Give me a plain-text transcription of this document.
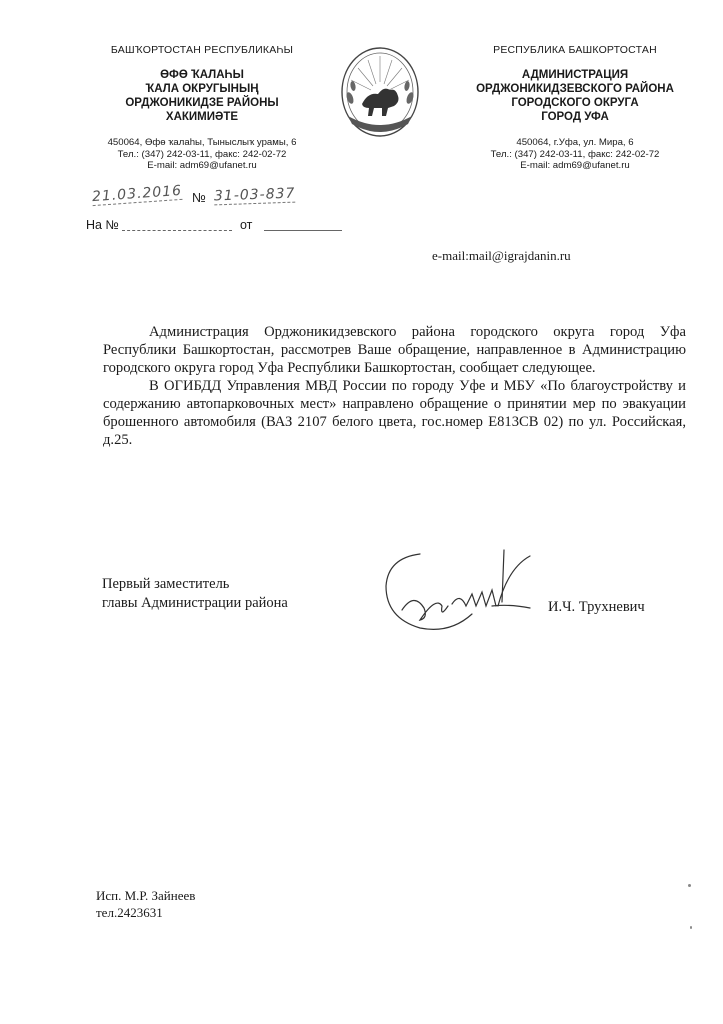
БАШҠОРТОСТАН РЕСПУБЛИКАҺЫ
ӨФӨ ҠАЛАҺЫ
ҠАЛА ОКРУГЫНЫҢ
ОРДЖОНИКИДЗЕ РАЙОНЫ
ХАКИМИӘТЕ
450064, Өфө ҡалаһы, Тыныслыҡ урамы, 6
Тел.: (347) 242-03-11, факс: 242-02-72
E-mail: adm69@ufanet.ru
РЕСПУБЛИКА БАШКОРТОСТАН
АДМИНИСТРАЦИЯ
ОРДЖОНИКИДЗЕВСКОГО РАЙОНА
ГОРОДСКОГО ОКРУГА
ГОРОД УФА
450064, г.Уфа, ул. Мира, 6
Тел.: (347) 242-03-11, факс: 242-02-72
E-mail: adm69@ufanet.ru
21.03.2016 № 31-03-837
На №	от
e-mail:mail@igrajdanin.ru

Администрация Орджоникидзевского района городского округа город Уфа Республики Башкортостан, рассмотрев Ваше обращение, направленное в Администрацию городского округа город Уфа Республики Башкортостан, сообщает следующее.

В ОГИБДД Управления МВД России по городу Уфе и МБУ «По благоустройству и содержанию автопарковочных мест» направлено обращение о принятии мер по эвакуации брошенного автомобиля (ВАЗ 2107 белого цвета, гос.номер Е813СВ 02) по ул. Российская, д.25.

Первый заместитель
главы Администрации района	И.Ч. Трухневич
Исп. М.Р. Зайнеев
тел.2423631
